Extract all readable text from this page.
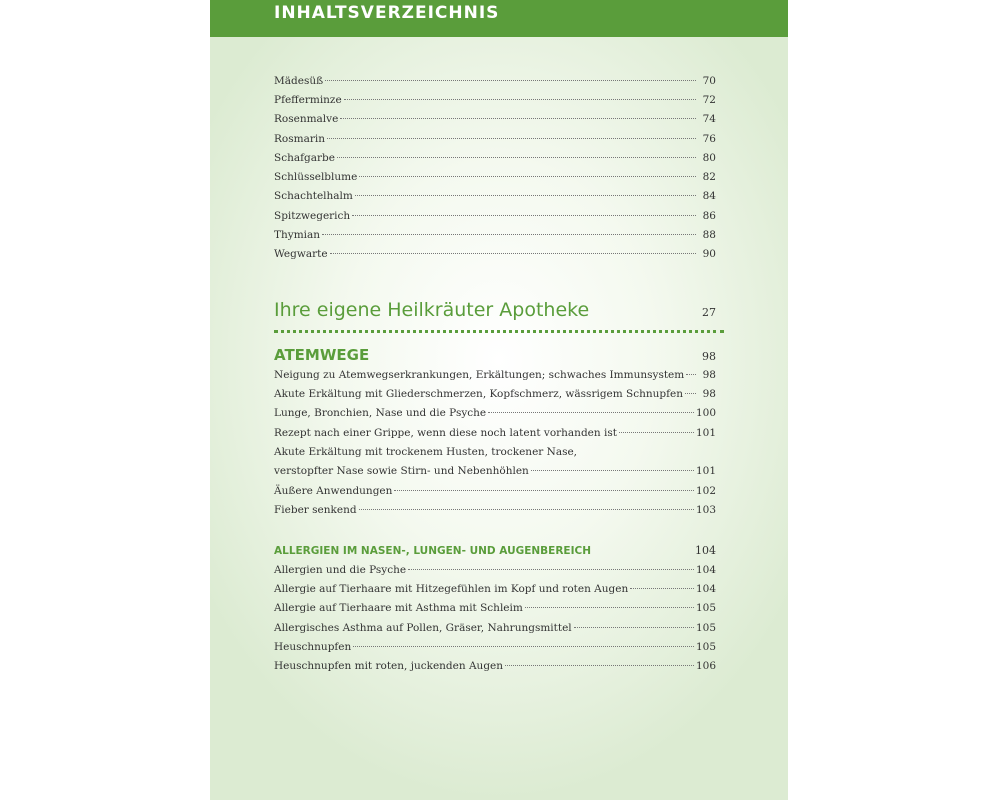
INHALTSVERZEICHNIS
Mädesüß	70
Pfefferminze	72
Rosenmalve	74
Rosmarin	76
Schafgarbe	80
Schlüsselblume	82
Schachtelhalm	84
Spitzwegerich	86
Thymian	88
Wegwarte	90
Ihre eigene Heilkräuter Apotheke	27
ATEMWEGE	98
Neigung zu Atemwegserkrankungen, Erkältungen; schwaches Immunsystem	98
Akute Erkältung mit Gliederschmerzen, Kopfschmerz, wässrigem Schnupfen	98
Lunge, Bronchien, Nase und die Psyche	100
Rezept nach einer Grippe, wenn diese noch latent vorhanden ist	101
Akute Erkältung mit trockenem Husten, trockener Nase,
verstopfter Nase sowie Stirn- und Nebenhöhlen	101
Äußere Anwendungen	102
Fieber senkend	103
ALLERGIEN IM NASEN-, LUNGEN- UND AUGENBEREICH	104
Allergien und die Psyche	104
Allergie auf Tierhaare mit Hitzegefühlen im Kopf und roten Augen	104
Allergie auf Tierhaare mit Asthma mit Schleim	105
Allergisches Asthma auf Pollen, Gräser, Nahrungsmittel	105
Heuschnupfen	105
Heuschnupfen mit roten, juckenden Augen	106
